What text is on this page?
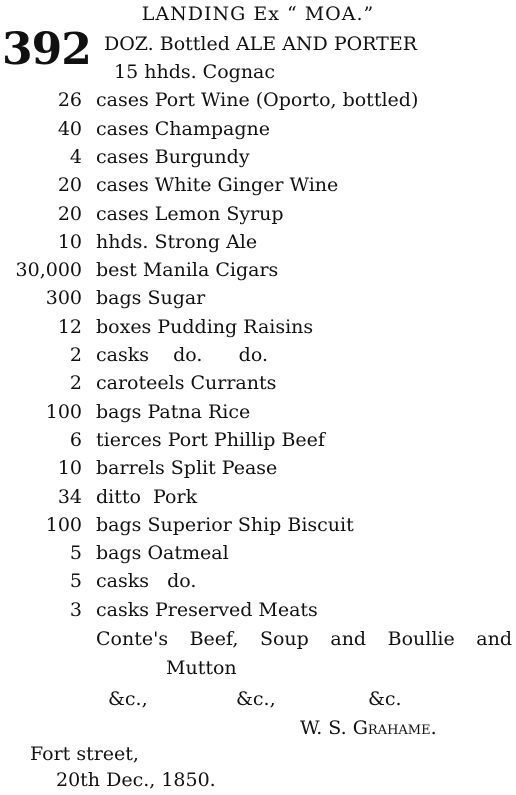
LANDING Ex “ MOA.”
392 DOZ. Bottled ALE AND PORTER
15 hhds. Cognac
26 cases Port Wine (Oporto, bottled)
40 cases Champagne
4 cases Burgundy
20 cases White Ginger Wine
20 cases Lemon Syrup
10 hhds. Strong Ale
30,000 best Manila Cigars
300 bags Sugar
12 boxes Pudding Raisins
2 casks    do.      do.
2 caroteels Currants
100 bags Patna Rice
6 tierces Port Phillip Beef
10 barrels Split Pease
34 ditto  Pork
100 bags Superior Ship Biscuit
5 bags Oatmeal
5 casks   do.
3 casks Preserved Meats
Conte's Beef, Soup and Boullie and
Mutton
&c.,	&c.,	&c.
W. S. Grahame.
Fort street,
20th Dec., 1850.
